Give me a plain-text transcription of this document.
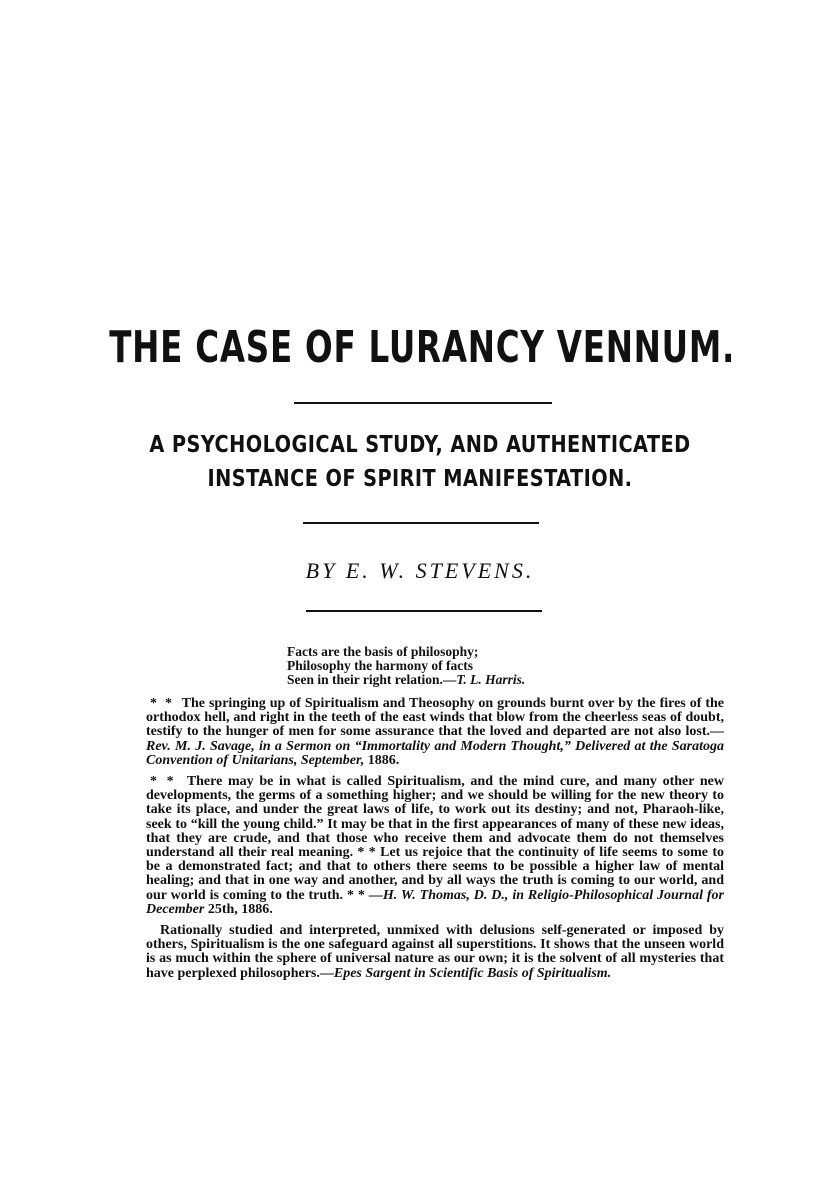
THE CASE OF LURANCY VENNUM.
A PSYCHOLOGICAL STUDY, AND AUTHENTICATED
INSTANCE OF SPIRIT MANIFESTATION.
BY E. W. STEVENS.
Facts are the basis of philosophy;
Philosophy the harmony of facts
Seen in their right relation.—T. L. Harris.

* * The springing up of Spiritualism and Theosophy on grounds burnt over by the fires of the orthodox hell, and right in the teeth of the east winds that blow from the cheerless seas of doubt, testify to the hunger of men for some assurance that the loved and departed are not also lost.—Rev. M. J. Savage, in a Sermon on “Immortality and Modern Thought,” Delivered at the Saratoga Convention of Unitarians, September, 1886.

* * There may be in what is called Spiritualism, and the mind cure, and many other new developments, the germs of a something higher; and we should be willing for the new theory to take its place, and under the great laws of life, to work out its destiny; and not, Pharaoh-like, seek to “kill the young child.” It may be that in the first appearances of many of these new ideas, that they are crude, and that those who receive them and advocate them do not themselves understand all their real meaning. * * Let us rejoice that the continuity of life seems to some to be a demonstrated fact; and that to others there seems to be possible a higher law of mental healing; and that in one way and another, and by all ways the truth is coming to our world, and our world is coming to the truth. * * —H. W. Thomas, D. D., in Religio-Philosophical Journal for December 25th, 1886.

Rationally studied and interpreted, unmixed with delusions self-generated or imposed by others, Spiritualism is the one safeguard against all superstitions. It shows that the unseen world is as much within the sphere of universal nature as our own; it is the solvent of all mysteries that have perplexed philosophers.—Epes Sargent in Scientific Basis of Spiritualism.
